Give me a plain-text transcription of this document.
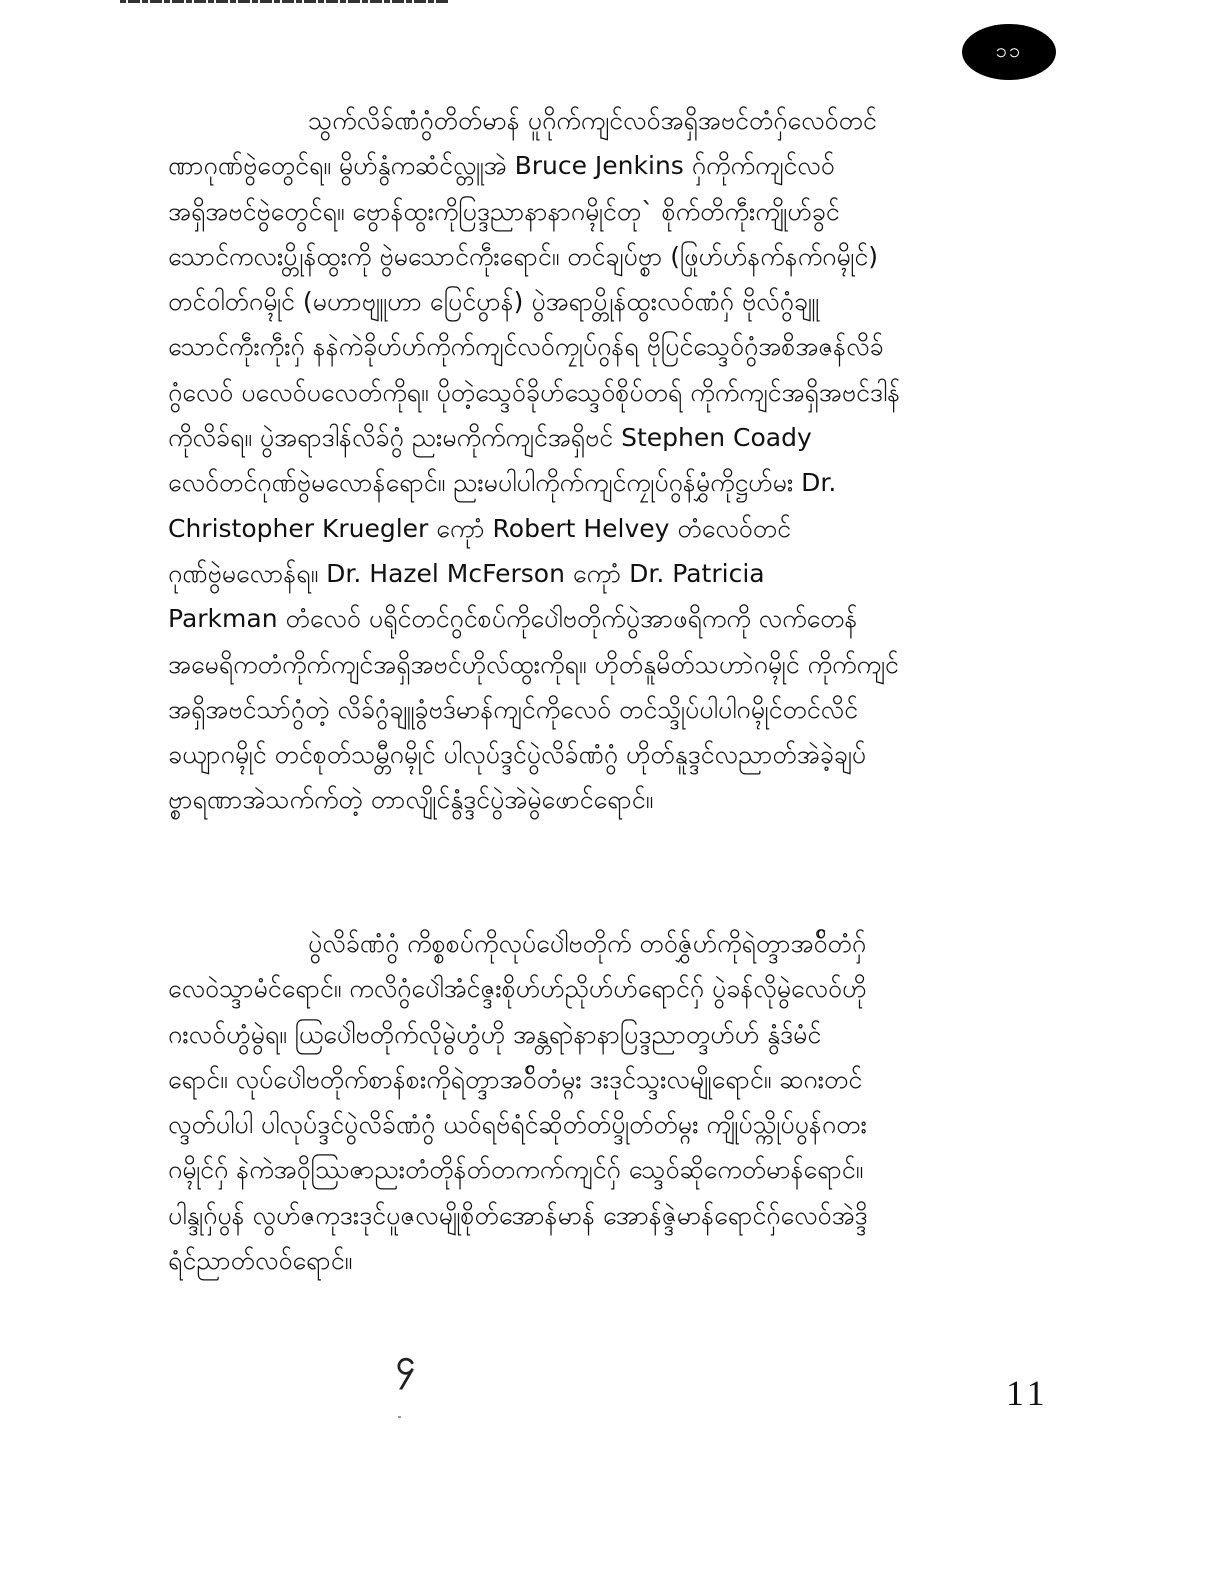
၁၁
သွက်လိခ်ဏံဂွံတိတ်မာန် ပူဂိုက်ကျင်လဝ်အရှိအဗၚ်တံဂှ်လေဝ်တင်
ဏာဂုဏ်ဗွဲတွေၚ်ရ။ မွိဟ်နွံကဆံၚ်လ္တူအဲ Bruce Jenkins ဂှ်ကိုက်ကျင်လဝ်
အရှိအဗၚ်ဗွဲတွေၚ်ရ။ ဗွောန်ထွးကိုပြဒ္ဒညာနာနာဂမ္ၚိုၚ်တု` စိုက်တိကဵုးကျိုဟ်ခွၚ်
သောၚ်ကလးပ္တိုန်ထွးကို ဗွဲမသောၚ်ကဵုးရောၚ်။ တၚ်ချပ်ဗ္စာ (ဖြုဟ်ဟ်နက်နက်ဂမ္ၚိုၚ်)
တၚ်ဝါတ်ဂမ္ၚိုၚ် (မဟာဗျူဟာ ပြေၚ်ပွာန်) ပွဲအရာပ္တိုန်ထွးလဝ်ဏံဂှ် ဗိုလ်ဂွံချူ
သောၚ်ကဵုးကဵုးဂှ် နနဲကဲခိုဟ်ဟ်ကိုက်ကျင်လဝ်ကၠုပ်ဂွန်ရ ဗိုပြၚ်သ္ဒေဝ်ဂွံအစိအဇန်လိခ်
ဂွံလေဝ် ပလေဝ်ပလေတ်ကိုရ။ ပိုတဲ့သ္ဒေဝ်ခိုဟ်သ္ဒေဝ်စိုပ်တရ် ကိုက်ကျင်အရှိအဗၚ်ဒါန်
ကိုလိခ်ရ။ ပွဲအရာဒါန်လိခ်ဂွံ ညးမကိုက်ကျင်အရှိဗၚ် Stephen Coady
လေဝ်တင်ဂုဏ်ဗွဲမလောန်ရောၚ်။ ညးမပါပါကိုက်ကျင်ကၠုပ်ဂွန်မွှံကိုဋ္ဌဟ်မး Dr.
Christopher Kruegler ကေုာံ Robert Helvey တံလေဝ်တင်
ဂုဏ်ဗွဲမလောန်ရ။ Dr. Hazel McFerson ကေုာံ Dr. Patricia
Parkman တံလေဝ် ပရိုၚ်တင်ဂွၚ်စပ်ကိုပေါဲဗတိုက်ပွဲအာဖရိကကို လက်တေန်
အမေရိကတံကိုက်ကျင်အရှိအဗၚ်ဟိုလ်ထွးကိုရ။ ဟိုတ်နူမိတ်သဟာဲဂမ္ၚိုၚ် ကိုက်ကျင်
အရှိအဗၚ်သာ်ဂွံတဲ့ လိခ်ဂွံချူခွံဗဒ်မာန်ကျင်ကိုလေဝ် တင်သ္ဒိုပ်ပါပါဂမ္ၚိုၚ်တင်လိၚ်
ခယျာဂမ္ၚိုၚ် တင်စုတ်သမ္တီဂမ္ၚိုၚ် ပါလုပ်ဒ္ဒၚ်ပွဲလိခ်ဏံဂွံ ဟိုတ်နူဒ္ဒၚ်လညာတ်အဲခဲ့ချပ်
ဗ္စာရဏာအဲသက်က်တဲ့ တာလျိုၚ်နွံဒ္ဒၚ်ပွဲအဲမွဲဖောၚ်ရောၚ်။
ပွဲလိခ်ဏံဂွံ ကိစ္စစပ်ကိုလုပ်ပေါဲဗတိုက် တဝ်ဇွှ်ဟ်ကိုရဲတ္ဒာအဝ်ိတံဂှ်
လေဝဲသ္ဒာမံၚ်ရောၚ်။ ကလိဂွံပေါဲအံၚ်ဇ္ဒးစိုဟ်ဟ်ညိုဟ်ဟ်ရောၚ်ဂှ် ပွဲခန်လိုမွဲလေဝ်ဟို
ဂးလဝ်ဟွံမွဲရ။ ယြပေါဲဗတိုက်လိုမွဲဟွံဟို အန္တရာဲနာနာပြဒ္ဒညာတ္ဒဟ်ဟ် နွံဒ်မံၚ်
ရောၚ်။ လုပ်ပေါဲဗတိုက်စာန်စးကိုရဲတ္ဒာအဝ်ိတံမ္ဂး ဒးဒုၚ်သ္ဒးလမျိုရောၚ်။ ဆဂးတင်
လ္ဒတ်ပါပါ ပါလုပ်ဒ္ဒၚ်ပွဲလိခ်ဏံဂွံ ယဝ်ရဗ်ရံၚ်ဆိုတ်တ်ပ္ဒိုတ်တ်မ္ဂး ကျိုပ်သ္ကိုပ်ပွန်ဂတး
ဂမ္ၚိုၚ်ဂှ် နဲကဲအဝိုဿြဇာညးတံတိုန်တ်တကက်ကျင်ဂှ် သ္ဒေဝ်ဆိုကေတ်မာန်ရောၚ်။
ပါန္ဒုဂှ်ပွန် လွဟ်ဇကုဒးဒုၚ်ပူဇလမျိုစိုတ်အောန်မာန် အောန်ဇ္ဒဲမာန်ရောၚ်ဂှ်လေဝ်အဲဒ္ဒိ
ရံၚ်ညာတ်လဝ်ရောၚ်။
၄
11
